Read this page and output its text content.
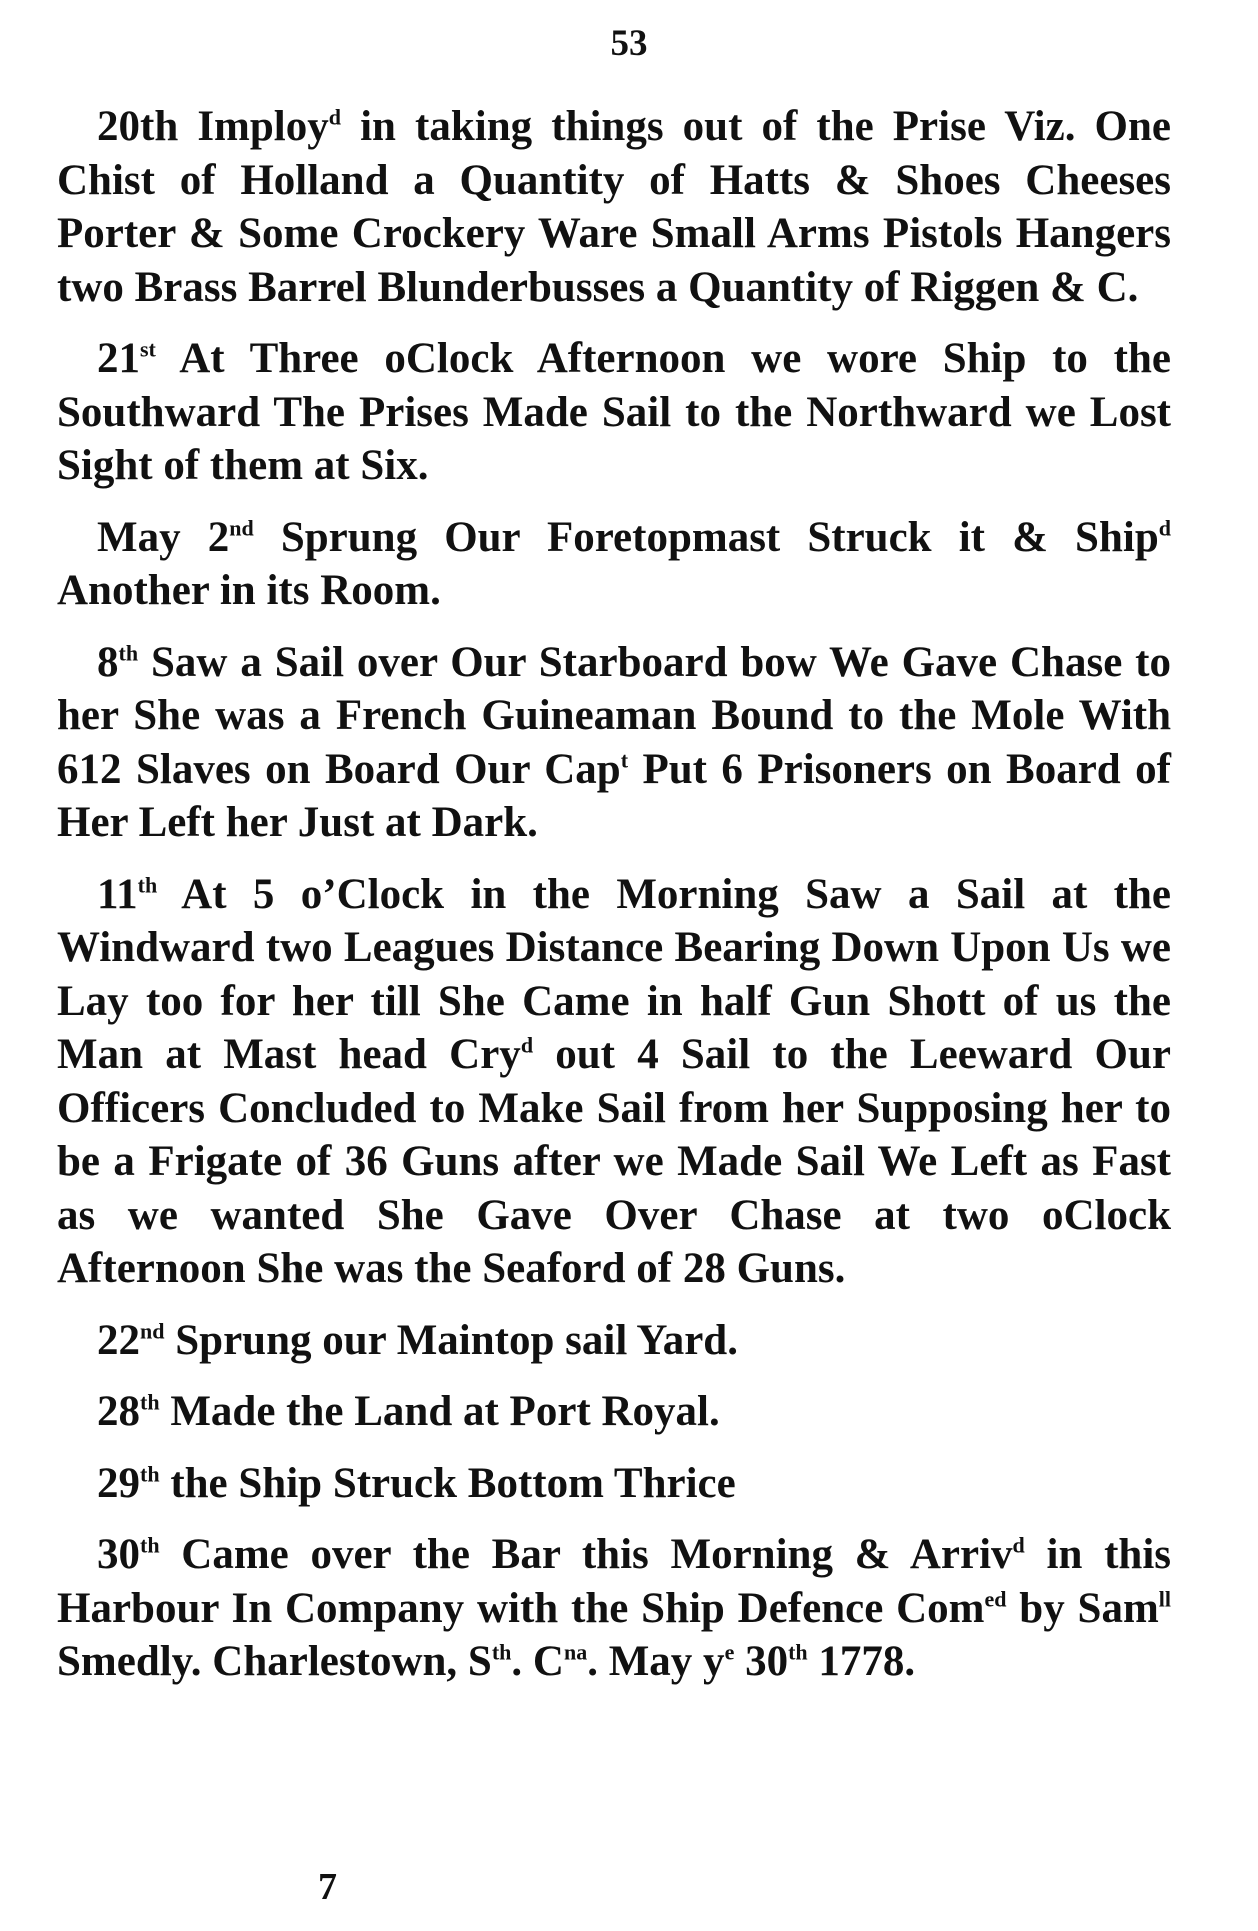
53

20th Imploy$^d$ in taking things out of the Prise Viz. One Chist of Holland a Quantity of Hatts & Shoes Cheeses Porter & Some Crockery Ware Small Arms Pistols Hangers two Brass Barrel Blunderbusses a Quantity of Riggen & C.

21st At Three oClock Afternoon we wore Ship to the Southward The Prises Made Sail to the Northward we Lost Sight of them at Six.

May 2nd Sprung Our Foretopmast Struck it & Ship$^d$ Another in its Room.

8th Saw a Sail over Our Starboard bow We Gave Chase to her She was a French Guineaman Bound to the Mole With 612 Slaves on Board Our Cap$^t$ Put 6 Prisoners on Board of Her Left her Just at Dark.

11th At 5 o’Clock in the Morning Saw a Sail at the Windward two Leagues Distance Bearing Down Upon Us we Lay too for her till She Came in half Gun Shott of us the Man at Mast head Cry$^d$ out 4 Sail to the Leeward Our Officers Concluded to Make Sail from her Supposing her to be a Frigate of 36 Guns after we Made Sail We Left as Fast as we wanted She Gave Over Chase at two oClock Afternoon She was the Seaford of 28 Guns.

22nd Sprung our Maintop sail Yard.

28th Made the Land at Port Royal.

29th the Ship Struck Bottom Thrice

30th Came over the Bar this Morning & Arriv$^d$ in this Harbour In Company with the Ship Defence Com$^{ed}$ by Sam$^{ll}$ Smedly. Charlestown, $S^{th}$. $C^{na}$. May $y^e$ 30th 1778.

7
